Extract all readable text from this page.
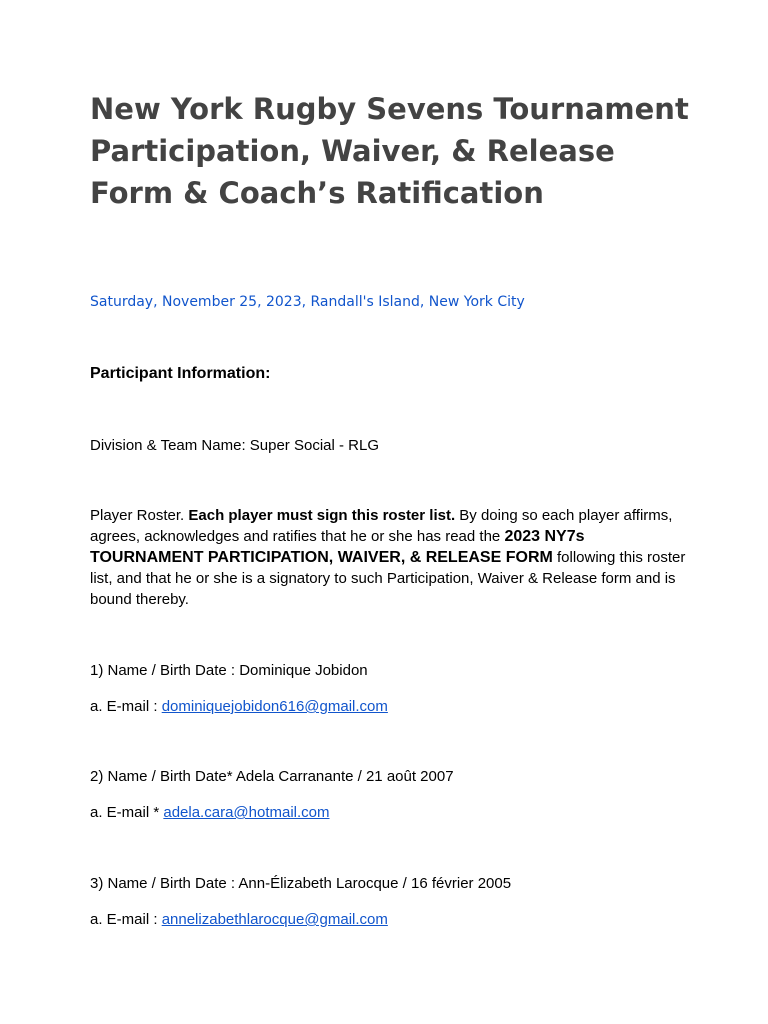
New York Rugby Sevens Tournament Participation, Waiver, & Release Form & Coach’s Ratification

Saturday, November 25, 2023, Randall's Island, New York City

Participant Information:

Division & Team Name: Super Social - RLG

Player Roster. Each player must sign this roster list. By doing so each player affirms, agrees, acknowledges and ratifies that he or she has read the 2023 NY7s TOURNAMENT PARTICIPATION, WAIVER, & RELEASE FORM following this roster list, and that he or she is a signatory to such Participation, Waiver & Release form and is bound thereby.

1) Name / Birth Date : Dominique Jobidon

a. E-mail : dominiquejobidon616@gmail.com

2) Name / Birth Date* Adela Carranante / 21 août 2007

a. E-mail * adela.cara@hotmail.com

3) Name / Birth Date : Ann-Élizabeth Larocque / 16 février 2005

a. E-mail : annelizabethlarocque@gmail.com
